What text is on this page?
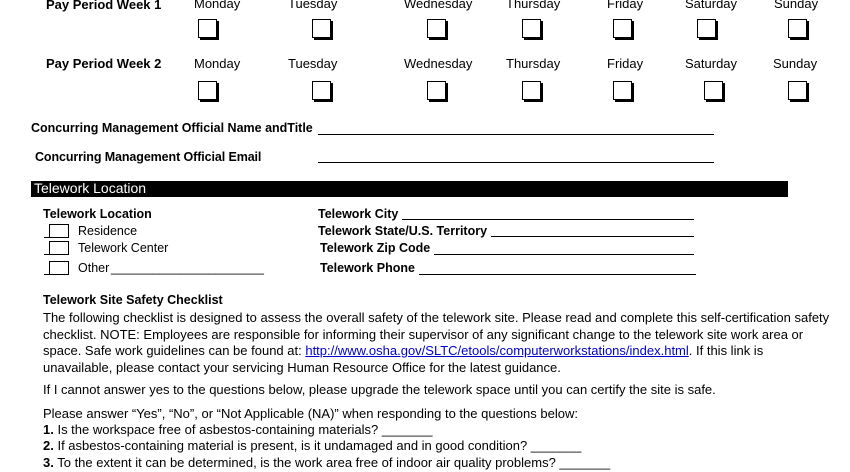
Pay Period Week 1	Monday	Tuesday	Wednesday	Thursday	Friday	Saturday	Sunday
Pay Period Week 2	Monday	Tuesday	Wednesday	Thursday	Friday	Saturday	Sunday
Concurring Management Official Name andTitle
Concurring Management Official Email
Telework Location
Telework Location
Residence
Telework Center
Other ______________________
Telework City
Telework State/U.S. Territory
Telework Zip Code
Telework Phone
Telework Site Safety Checklist
The following checklist is designed to assess the overall safety of the telework site. Please read and complete this self-certification safety
checklist. NOTE: Employees are responsible for informing their supervisor of any significant change to the telework site work area or
space. Safe work guidelines can be found at: http://www.osha.gov/SLTC/etools/computerworkstations/index.html. If this link is
unavailable, please contact your servicing Human Resource Office for the latest guidance.
If I cannot answer yes to the questions below, please upgrade the telework space until you can certify the site is safe.
Please answer “Yes”, “No”, or “Not Applicable (NA)” when responding to the questions below:
1. Is the workspace free of asbestos-containing materials? _______
2. If asbestos-containing material is present, is it undamaged and in good condition? _______
3. To the extent it can be determined, is the work area free of indoor air quality problems? _______
